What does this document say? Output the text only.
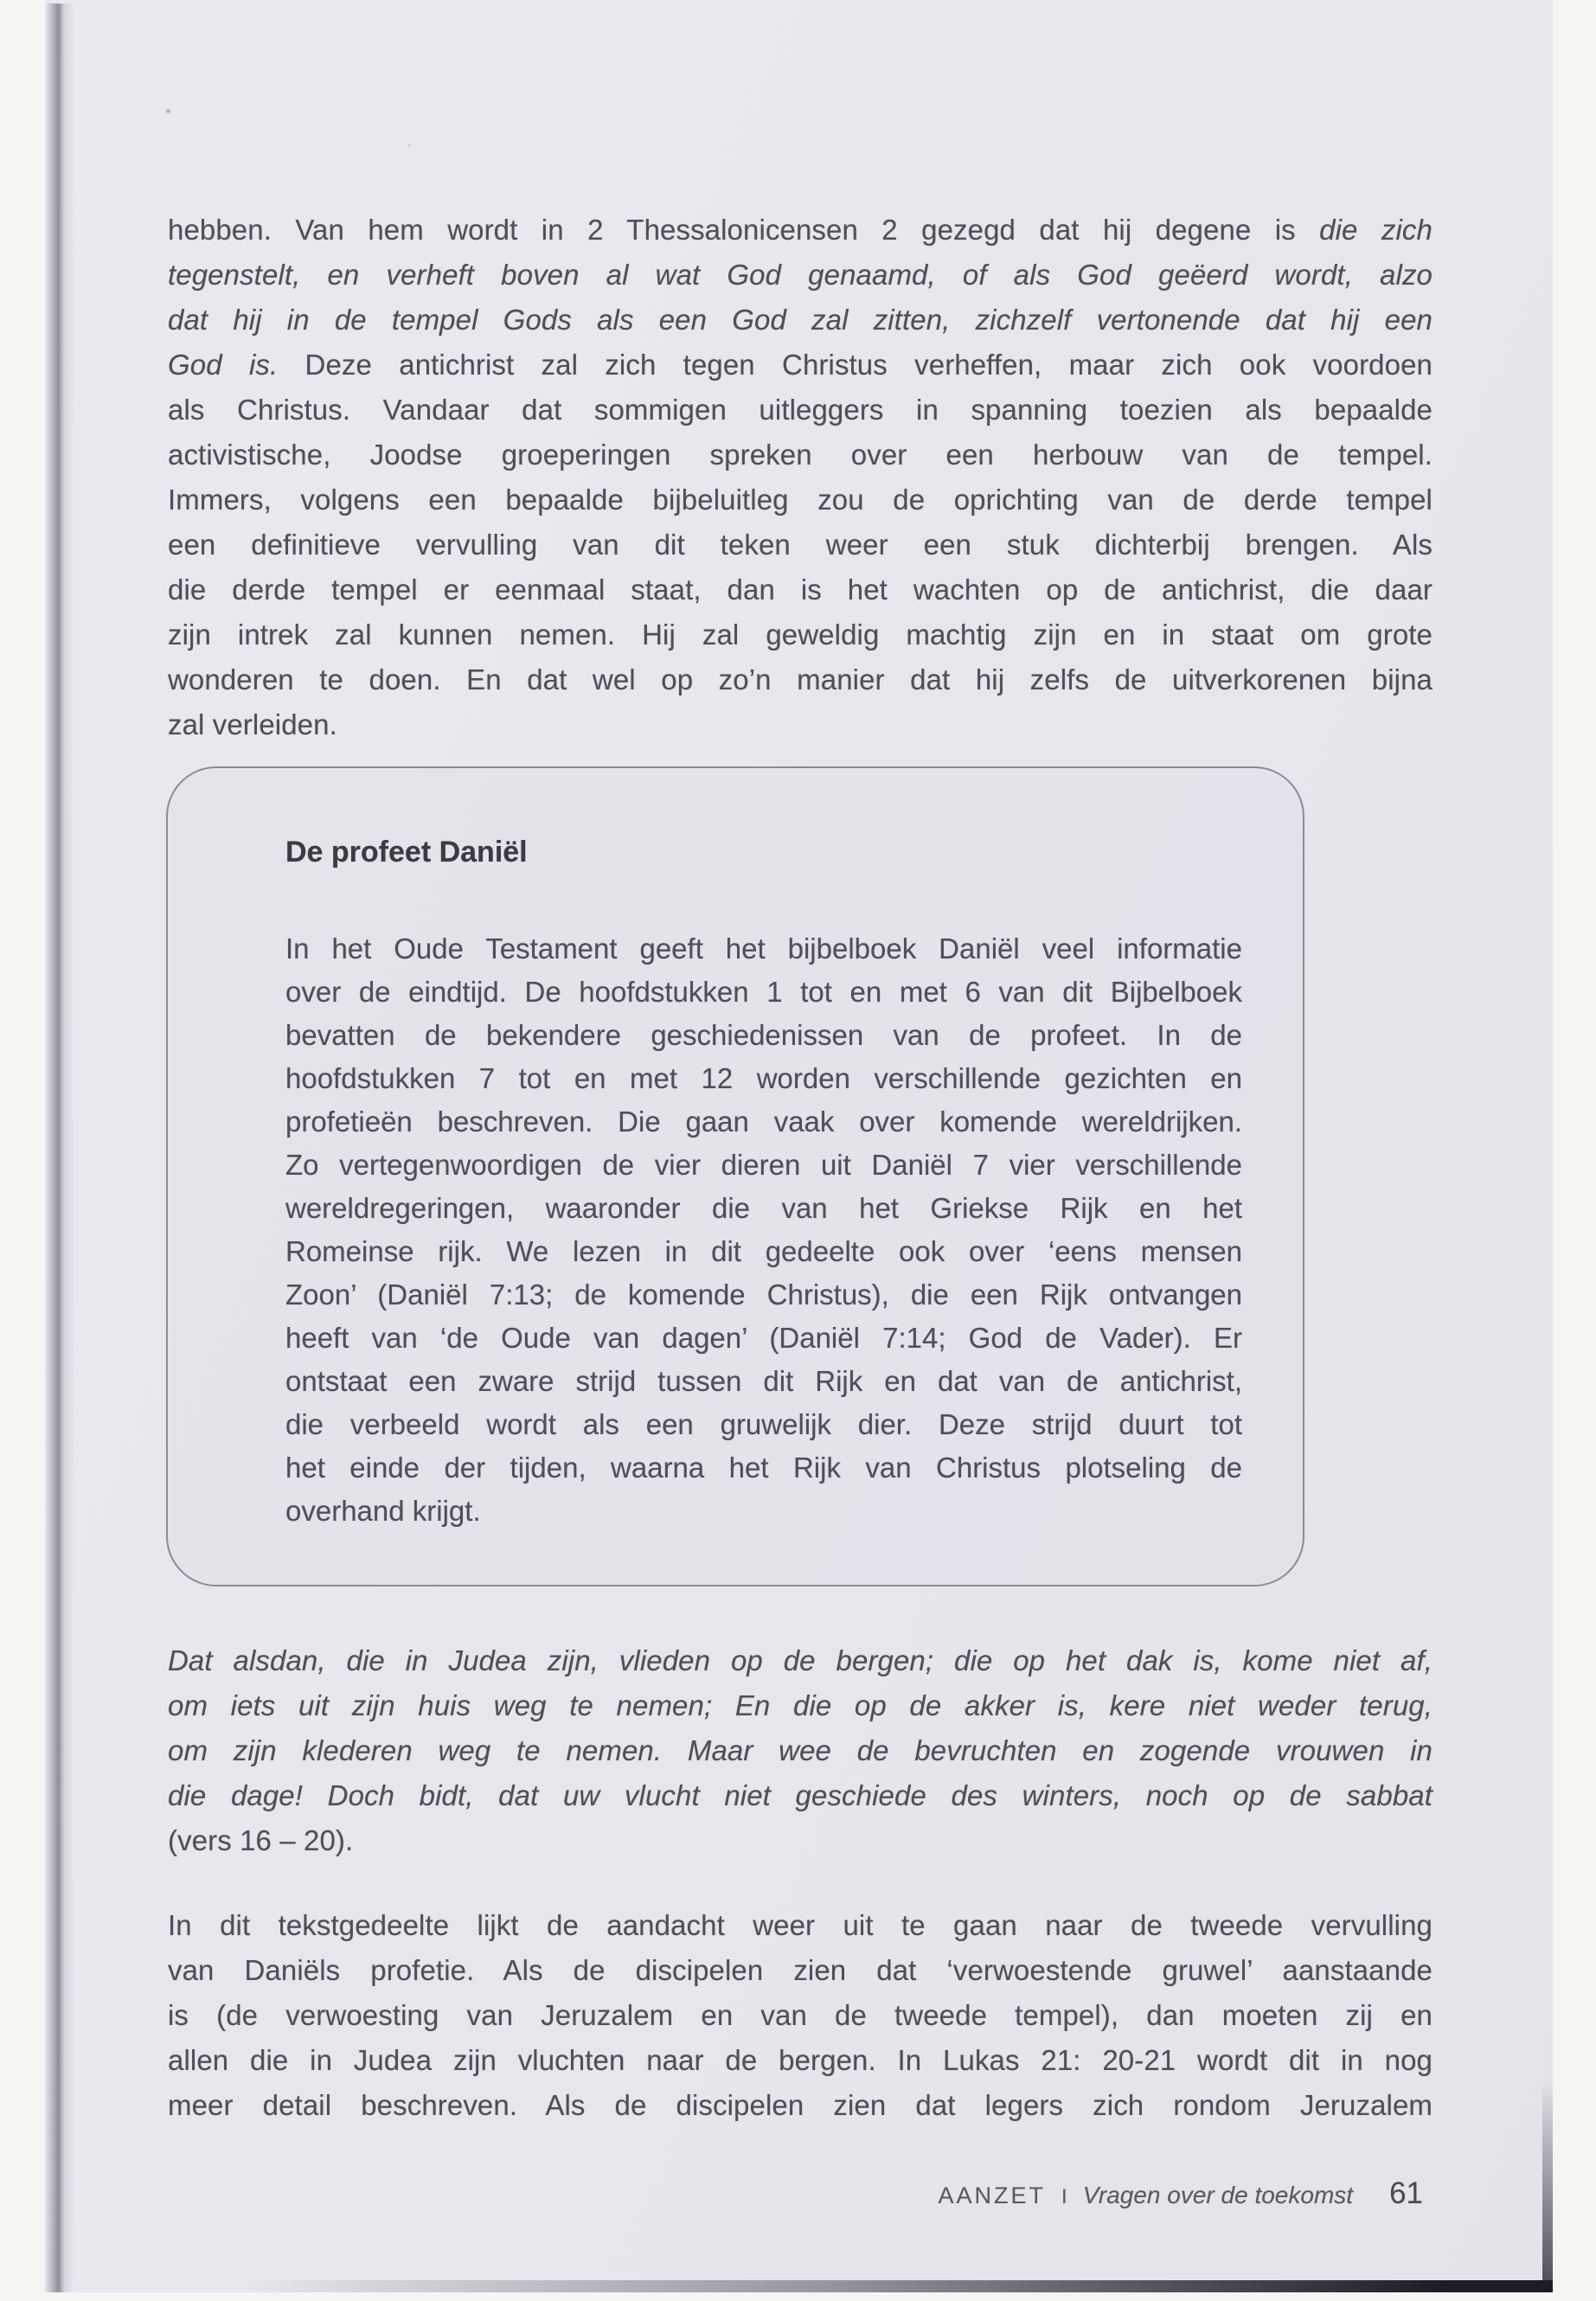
hebben. Van hem wordt in 2 Thessalonicensen 2 gezegd dat hij degene is die zich
tegenstelt, en verheft boven al wat God genaamd, of als God geëerd wordt, alzo
dat hij in de tempel Gods als een God zal zitten, zichzelf vertonende dat hij een
God is. Deze antichrist zal zich tegen Christus verheffen, maar zich ook voordoen
als Christus. Vandaar dat sommigen uitleggers in spanning toezien als bepaalde
activistische, Joodse groeperingen spreken over een herbouw van de tempel.
Immers, volgens een bepaalde bijbeluitleg zou de oprichting van de derde tempel
een definitieve vervulling van dit teken weer een stuk dichterbij brengen. Als
die derde tempel er eenmaal staat, dan is het wachten op de antichrist, die daar
zijn intrek zal kunnen nemen. Hij zal geweldig machtig zijn en in staat om grote
wonderen te doen. En dat wel op zo’n manier dat hij zelfs de uitverkorenen bijna
zal verleiden.
De profeet Daniël
In het Oude Testament geeft het bijbelboek Daniël veel informatie
over de eindtijd. De hoofdstukken 1 tot en met 6 van dit Bijbelboek
bevatten de bekendere geschiedenissen van de profeet. In de
hoofdstukken 7 tot en met 12 worden verschillende gezichten en
profetieën beschreven. Die gaan vaak over komende wereldrijken.
Zo vertegenwoordigen de vier dieren uit Daniël 7 vier verschillende
wereldregeringen, waaronder die van het Griekse Rijk en het
Romeinse rijk. We lezen in dit gedeelte ook over ‘eens mensen
Zoon’ (Daniël 7:13; de komende Christus), die een Rijk ontvangen
heeft van ‘de Oude van dagen’ (Daniël 7:14; God de Vader). Er
ontstaat een zware strijd tussen dit Rijk en dat van de antichrist,
die verbeeld wordt als een gruwelijk dier. Deze strijd duurt tot
het einde der tijden, waarna het Rijk van Christus plotseling de
overhand krijgt.
Dat alsdan, die in Judea zijn, vlieden op de bergen; die op het dak is, kome niet af,
om iets uit zijn huis weg te nemen; En die op de akker is, kere niet weder terug,
om zijn klederen weg te nemen. Maar wee de bevruchten en zogende vrouwen in
die dage! Doch bidt, dat uw vlucht niet geschiede des winters, noch op de sabbat
(vers 16 – 20).
In dit tekstgedeelte lijkt de aandacht weer uit te gaan naar de tweede vervulling
van Daniëls profetie. Als de discipelen zien dat ‘verwoestende gruwel’ aanstaande
is (de verwoesting van Jeruzalem en van de tweede tempel), dan moeten zij en
allen die in Judea zijn vluchten naar de bergen. In Lukas 21: 20-21 wordt dit in nog
meer detail beschreven. Als de discipelen zien dat legers zich rondom Jeruzalem
AANZET I Vragen over de toekomst 61
